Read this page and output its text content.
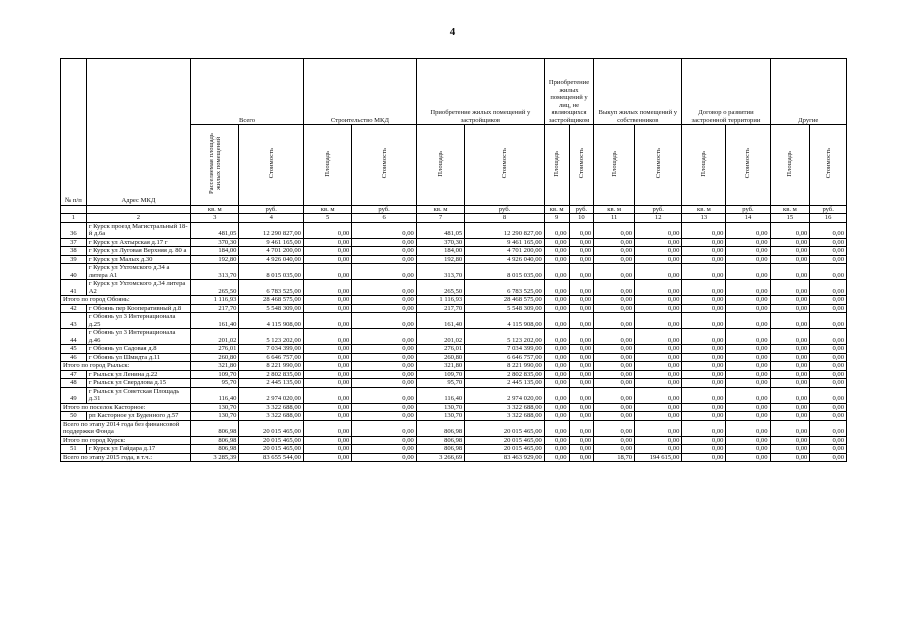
4
№ п/п	Адрес МКД	Всего		Строительство МКД		Приобретение жилых помещений у застройщиков		Приобретение жилых помещений у лиц, не являющихся застройщиком		Выкуп жилых помещений у собственников		Договор о развитии застроенной территории		Другие	
		Расселяемая площадь жилых помещений	Стоимость	Площадь	Стоимость	Площадь	Стоимость	Площадь	Стоимость	Площадь	Стоимость	Площадь	Стоимость	Площадь	Стоимость
		кв. м	руб.	кв. м	руб.	кв. м	руб.	кв. м	руб.	кв. м	руб.	кв. м	руб.	кв. м	руб.
1	2	3	4	5	6	7	8	9	10	11	12	13	14	15	16
36	г Курск проезд Магистральный 18-й д.6а	481,05	12 290 827,00	0,00	0,00	481,05	12 290 827,00	0,00	0,00	0,00	0,00	0,00	0,00	0,00	0,00
37	г Курск ул Ахтырская д.17 г	370,30	9 461 165,00	0,00	0,00	370,30	9 461 165,00	0,00	0,00	0,00	0,00	0,00	0,00	0,00	0,00
38	г Курск ул Луговая Верхняя д. 80 а	184,00	4 701 200,00	0,00	0,00	184,00	4 701 200,00	0,00	0,00	0,00	0,00	0,00	0,00	0,00	0,00
39	г Курск ул Малых д.30	192,80	4 926 040,00	0,00	0,00	192,80	4 926 040,00	0,00	0,00	0,00	0,00	0,00	0,00	0,00	0,00
40	г Курск ул Ухтомского д.34 а литера А1	313,70	8 015 035,00	0,00	0,00	313,70	8 015 035,00	0,00	0,00	0,00	0,00	0,00	0,00	0,00	0,00
41	г Курск ул Ухтомского д.34 литера А2	265,50	6 783 525,00	0,00	0,00	265,50	6 783 525,00	0,00	0,00	0,00	0,00	0,00	0,00	0,00	0,00
Итого по город Обоянь:		1 116,93	28 468 575,00	0,00	0,00	1 116,93	28 468 575,00	0,00	0,00	0,00	0,00	0,00	0,00	0,00	0,00
42	г Обоянь пер Кооперативный д.8	217,70	5 548 309,00	0,00	0,00	217,70	5 548 309,00	0,00	0,00	0,00	0,00	0,00	0,00	0,00	0,00
43	г Обоянь ул 3 Интернационала д.25	161,40	4 115 908,00	0,00	0,00	161,40	4 115 908,00	0,00	0,00	0,00	0,00	0,00	0,00	0,00	0,00
44	г Обоянь ул 3 Интернационала д.46	201,02	5 123 202,00	0,00	0,00	201,02	5 123 202,00	0,00	0,00	0,00	0,00	0,00	0,00	0,00	0,00
45	г Обоянь ул Садовая д.8	276,01	7 034 399,00	0,00	0,00	276,01	7 034 399,00	0,00	0,00	0,00	0,00	0,00	0,00	0,00	0,00
46	г Обоянь ул Шмидта д.11	260,80	6 646 757,00	0,00	0,00	260,80	6 646 757,00	0,00	0,00	0,00	0,00	0,00	0,00	0,00	0,00
Итого по город Рыльск:		321,80	8 221 990,00	0,00	0,00	321,80	8 221 990,00	0,00	0,00	0,00	0,00	0,00	0,00	0,00	0,00
47	г Рыльск ул Ленина д.22	109,70	2 802 835,00	0,00	0,00	109,70	2 802 835,00	0,00	0,00	0,00	0,00	0,00	0,00	0,00	0,00
48	г Рыльск ул Свердлова д.15	95,70	2 445 135,00	0,00	0,00	95,70	2 445 135,00	0,00	0,00	0,00	0,00	0,00	0,00	0,00	0,00
49	г Рыльск ул Советская Площадь д.31	116,40	2 974 020,00	0,00	0,00	116,40	2 974 020,00	0,00	0,00	0,00	0,00	0,00	0,00	0,00	0,00
Итого по поселок Касторное:		130,70	3 322 688,00	0,00	0,00	130,70	3 322 688,00	0,00	0,00	0,00	0,00	0,00	0,00	0,00	0,00
50	рп Касторное ул Буденного д.57	130,70	3 322 688,00	0,00	0,00	130,70	3 322 688,00	0,00	0,00	0,00	0,00	0,00	0,00	0,00	0,00
Всего по этапу 2014 года без финансовой поддержки Фонда		806,98	20 015 465,00	0,00	0,00	806,98	20 015 465,00	0,00	0,00	0,00	0,00	0,00	0,00	0,00	0,00
Итого по город Курск:		806,98	20 015 465,00	0,00	0,00	806,98	20 015 465,00	0,00	0,00	0,00	0,00	0,00	0,00	0,00	0,00
51	г Курск ул Гайдара д.17	806,98	20 015 465,00	0,00	0,00	806,98	20 015 465,00	0,00	0,00	0,00	0,00	0,00	0,00	0,00	0,00
Всего по этапу 2015 года, в т.ч.:		3 285,39	83 655 544,00	0,00	0,00	3 266,69	83 463 929,00	0,00	0,00	18,70	194 615,00	0,00	0,00	0,00	0,00
